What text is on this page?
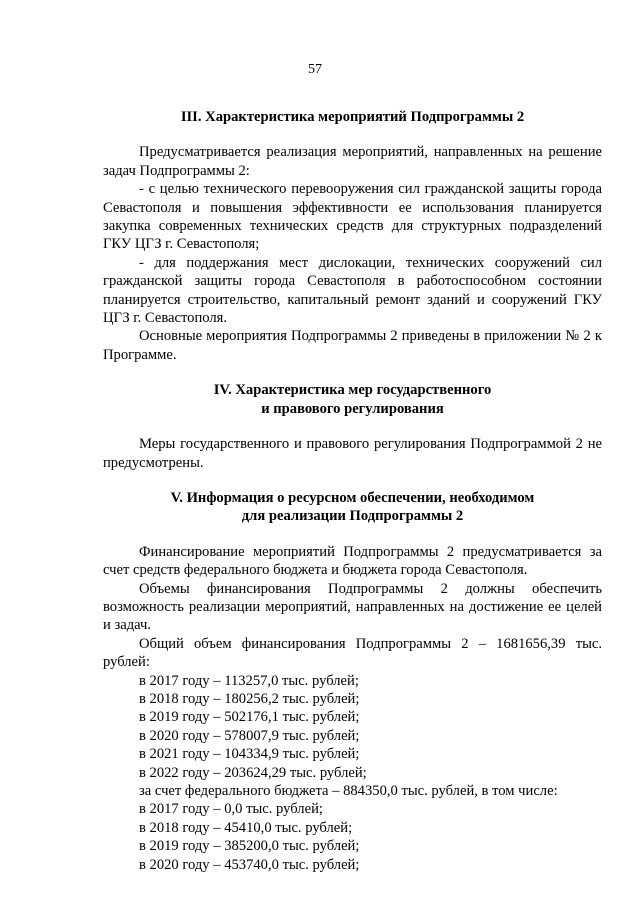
57
III. Характеристика мероприятий Подпрограммы 2
Предусматривается реализация мероприятий, направленных на решение задач Подпрограммы 2:
- с целью технического перевооружения сил гражданской защиты города Севастополя и повышения эффективности ее использования планируется закупка современных технических средств для структурных подразделений ГКУ ЦГЗ г. Севастополя;
- для поддержания мест дислокации, технических сооружений сил гражданской защиты города Севастополя в работоспособном состоянии планируется строительство, капитальный ремонт зданий и сооружений ГКУ ЦГЗ г. Севастополя.
Основные мероприятия Подпрограммы 2 приведены в приложении № 2 к Программе.
IV. Характеристика мер государственного
и правового регулирования
Меры государственного и правового регулирования Подпрограммой 2 не предусмотрены.
V. Информация о ресурсном обеспечении, необходимом
для реализации Подпрограммы 2
Финансирование мероприятий Подпрограммы 2 предусматривается за счет средств федерального бюджета и бюджета города Севастополя.
Объемы финансирования Подпрограммы 2 должны обеспечить возможность реализации мероприятий, направленных на достижение ее целей и задач.
Общий объем финансирования Подпрограммы 2 – 1681656,39 тыс. рублей:
в 2017 году – 113257,0 тыс. рублей;
в 2018 году – 180256,2 тыс. рублей;
в 2019 году – 502176,1 тыс. рублей;
в 2020 году – 578007,9 тыс. рублей;
в 2021 году – 104334,9 тыс. рублей;
в 2022 году – 203624,29 тыс. рублей;
за счет федерального бюджета – 884350,0 тыс. рублей, в том числе:
в 2017 году – 0,0 тыс. рублей;
в 2018 году – 45410,0 тыс. рублей;
в 2019 году – 385200,0 тыс. рублей;
в 2020 году – 453740,0 тыс. рублей;
